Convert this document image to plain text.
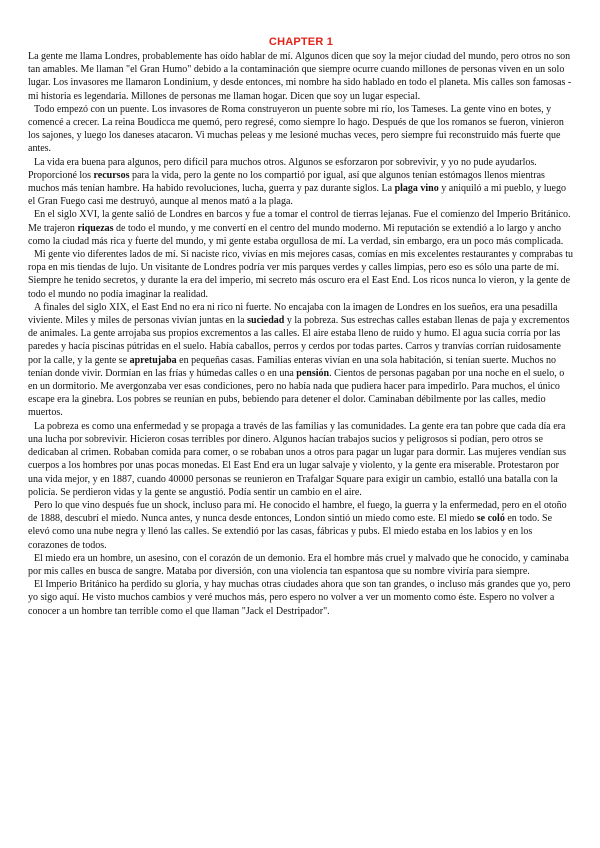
CHAPTER 1

La gente me llama Londres, probablemente has oído hablar de mí. Algunos dicen que soy la mejor ciudad del mundo, pero otros no son tan amables. Me llaman "el Gran Humo" debido a la contaminación que siempre ocurre cuando millones de personas viven en un solo lugar. Los invasores me llamaron Londinium, y desde entonces, mi nombre ha sido hablado en todo el planeta. Mis calles son famosas - mi historia es legendaria. Millones de personas me llaman hogar. Dicen que soy un lugar especial.

Todo empezó con un puente. Los invasores de Roma construyeron un puente sobre mi río, los Tameses. La gente vino en botes, y comencé a crecer. La reina Boudicca me quemó, pero regresé, como siempre lo hago. Después de que los romanos se fueron, vinieron los sajones, y luego los daneses atacaron. Vi muchas peleas y me lesioné muchas veces, pero siempre fui reconstruido más fuerte que antes.

La vida era buena para algunos, pero difícil para muchos otros. Algunos se esforzaron por sobrevivir, y yo no pude ayudarlos. Proporcioné los recursos para la vida, pero la gente no los compartió por igual, así que algunos tenían estómagos llenos mientras muchos más tenían hambre. Ha habido revoluciones, lucha, guerra y paz durante siglos. La plaga vino y aniquiló a mi pueblo, y luego el Gran Fuego casi me destruyó, aunque al menos mató a la plaga.

En el siglo XVI, la gente salió de Londres en barcos y fue a tomar el control de tierras lejanas. Fue el comienzo del Imperio Británico. Me trajeron riquezas de todo el mundo, y me convertí en el centro del mundo moderno. Mi reputación se extendió a lo largo y ancho como la ciudad más rica y fuerte del mundo, y mi gente estaba orgullosa de mí. La verdad, sin embargo, era un poco más complicada.

Mi gente vio diferentes lados de mí. Si naciste rico, vivías en mis mejores casas, comías en mis excelentes restaurantes y comprabas tu ropa en mis tiendas de lujo. Un visitante de Londres podría ver mis parques verdes y calles limpias, pero eso es sólo una parte de mí. Siempre he tenido secretos, y durante la era del imperio, mi secreto más oscuro era el East End. Los ricos nunca lo vieron, y la gente de todo el mundo no podía imaginar la realidad.

A finales del siglo XIX, el East End no era ni rico ni fuerte. No encajaba con la imagen de Londres en los sueños, era una pesadilla viviente. Miles y miles de personas vivían juntas en la suciedad y la pobreza. Sus estrechas calles estaban llenas de paja y excrementos de animales. La gente arrojaba sus propios excrementos a las calles. El aire estaba lleno de ruido y humo. El agua sucia corría por las paredes y hacía piscinas pútridas en el suelo. Había caballos, perros y cerdos por todas partes. Carros y tranvías corrían ruidosamente por la calle, y la gente se apretujaba en pequeñas casas. Familias enteras vivían en una sola habitación, si tenían suerte. Muchos no tenían donde vivir. Dormían en las frías y húmedas calles o en una pensión. Cientos de personas pagaban por una noche en el suelo, o en un dormitorio. Me avergonzaba ver esas condiciones, pero no había nada que pudiera hacer para impedirlo. Para muchos, el único escape era la ginebra. Los pobres se reunían en pubs, bebiendo para detener el dolor. Caminaban débilmente por las calles, medio muertos.

La pobreza es como una enfermedad y se propaga a través de las familias y las comunidades. La gente era tan pobre que cada día era una lucha por sobrevivir. Hicieron cosas terribles por dinero. Algunos hacían trabajos sucios y peligrosos si podían, pero otros se dedicaban al crimen. Robaban comida para comer, o se robaban unos a otros para pagar un lugar para dormir. Las mujeres vendían sus cuerpos a los hombres por unas pocas monedas. El East End era un lugar salvaje y violento, y la gente era miserable. Protestaron por una vida mejor, y en 1887, cuando 40000 personas se reunieron en Trafalgar Square para exigir un cambio, estalló una batalla con la policía. Se perdieron vidas y la gente se angustió. Podía sentir un cambio en el aire.

Pero lo que vino después fue un shock, incluso para mí. He conocido el hambre, el fuego, la guerra y la enfermedad, pero en el otoño de 1888, descubrí el miedo. Nunca antes, y nunca desde entonces, London sintió un miedo como este. El miedo se coló en todo. Se elevó como una nube negra y llenó las calles. Se extendió por las casas, fábricas y pubs. El miedo estaba en los labios y en los corazones de todos.

El miedo era un hombre, un asesino, con el corazón de un demonio. Era el hombre más cruel y malvado que he conocido, y caminaba por mis calles en busca de sangre. Mataba por diversión, con una violencia tan espantosa que su nombre viviría para siempre.

El Imperio Británico ha perdido su gloria, y hay muchas otras ciudades ahora que son tan grandes, o incluso más grandes que yo, pero yo sigo aquí. He visto muchos cambios y veré muchos más, pero espero no volver a ver un momento como éste. Espero no volver a conocer a un hombre tan terrible como el que llaman "Jack el Destripador".
